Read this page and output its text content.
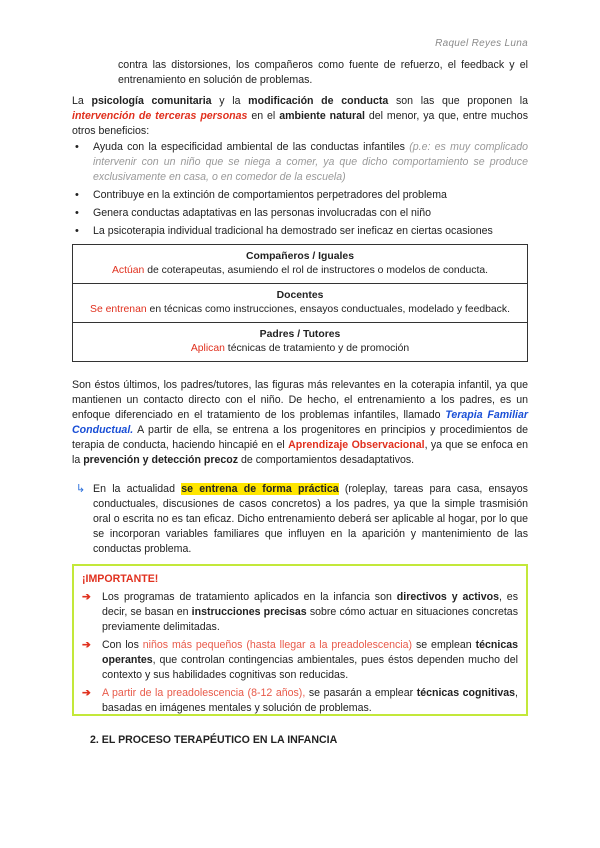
Raquel Reyes Luna
contra las distorsiones, los compañeros como fuente de refuerzo, el feedback y el entrenamiento en solución de problemas.
La psicología comunitaria y la modificación de conducta son las que proponen la intervención de terceras personas en el ambiente natural del menor, ya que, entre muchos otros beneficios:
• Ayuda con la especificidad ambiental de las conductas infantiles (p.e: es muy complicado intervenir con un niño que se niega a comer, ya que dicho comportamiento se produce exclusivamente en casa, o en comedor de la escuela)
• Contribuye en la extinción de comportamientos perpetradores del problema
• Genera conductas adaptativas en las personas involucradas con el niño
• La psicoterapia individual tradicional ha demostrado ser ineficaz en ciertas ocasiones
Compañeros / Iguales
Actúan de coterapeutas, asumiendo el rol de instructores o modelos de conducta.

Docentes
Se entrenan en técnicas como instrucciones, ensayos conductuales, modelado y feedback.

Padres / Tutores
Aplican técnicas de tratamiento y de promoción
Son éstos últimos, los padres/tutores, las figuras más relevantes en la coterapia infantil, ya que mantienen un contacto directo con el niño. De hecho, el entrenamiento a los padres, es un enfoque diferenciado en el tratamiento de los problemas infantiles, llamado Terapia Familiar Conductual. A partir de ella, se entrena a los progenitores en principios y procedimientos de terapia de conducta, haciendo hincapié en el Aprendizaje Observacional, ya que se enfoca en la prevención y detección precoz de comportamientos desadaptativos.
↳ En la actualidad se entrena de forma práctica (roleplay, tareas para casa, ensayos conductuales, discusiones de casos concretos) a los padres, ya que la simple trasmisión oral o escrita no es tan eficaz. Dicho entrenamiento deberá ser aplicable al hogar, por lo que se incorporan variables familiares que influyen en la aparición y mantenimiento de las conductas problema.
¡IMPORTANTE!
➔ Los programas de tratamiento aplicados en la infancia son directivos y activos, es decir, se basan en instrucciones precisas sobre cómo actuar en situaciones concretas previamente delimitadas.
➔ Con los niños más pequeños (hasta llegar a la preadolescencia) se emplean técnicas operantes, que controlan contingencias ambientales, pues éstos dependen mucho del contexto y sus habilidades cognitivas son reducidas.
➔ A partir de la preadolescencia (8-12 años), se pasarán a emplear técnicas cognitivas, basadas en imágenes mentales y solución de problemas.
2. EL PROCESO TERAPÉUTICO EN LA INFANCIA
